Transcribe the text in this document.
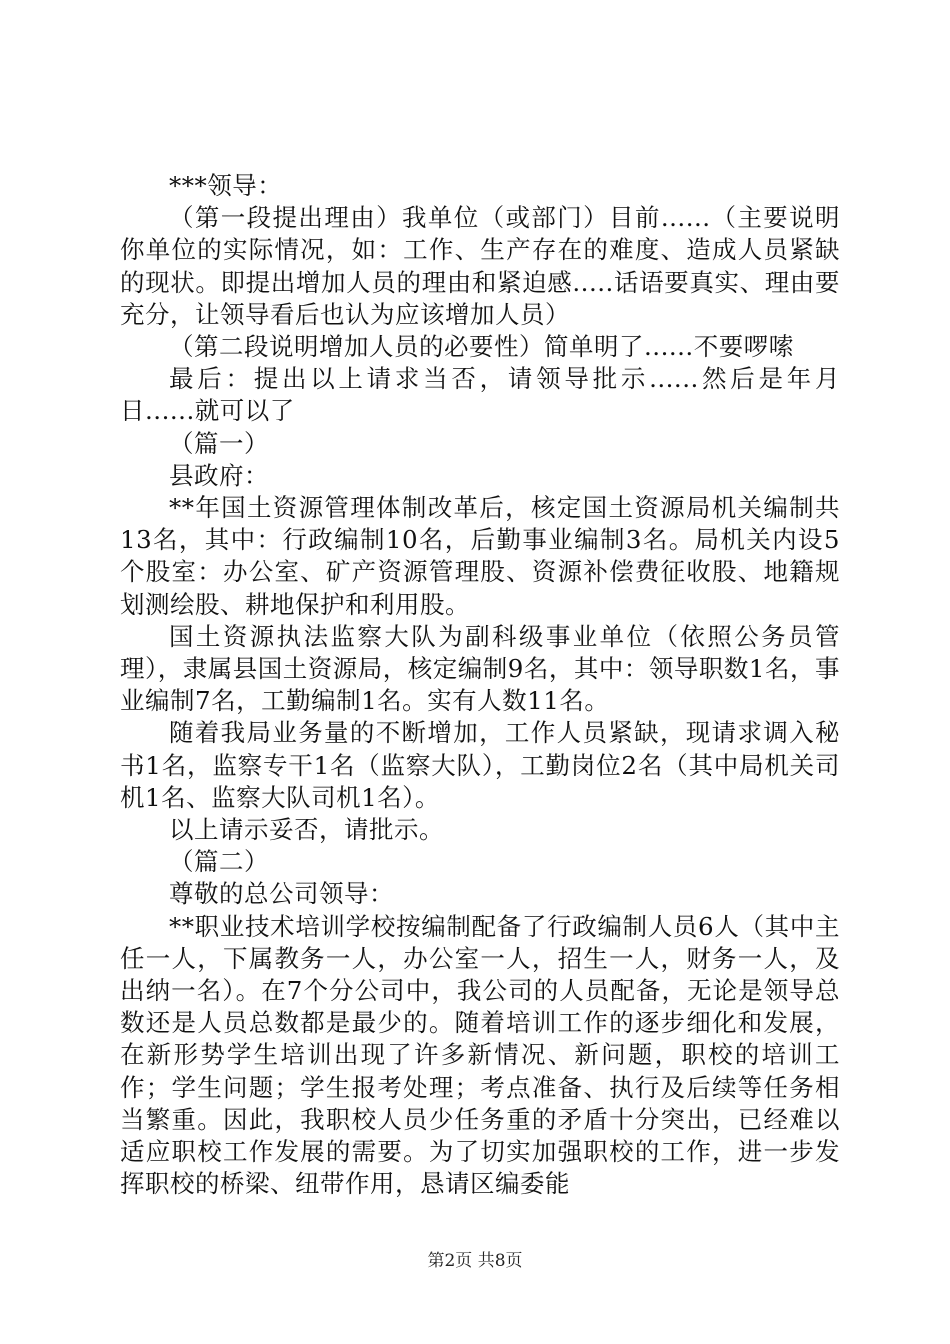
***领导：

（第一段提出理由）我单位（或部门）目前......（主要说明你单位的实际情况，如：工作、生产存在的难度、造成人员紧缺的现状。即提出增加人员的理由和紧迫感.....话语要真实、理由要充分，让领导看后也认为应该增加人员）

（第二段说明增加人员的必要性）简单明了......不要啰嗦

最后：提出以上请求当否，请领导批示......然后是年月日......就可以了

（篇一）

县政府：

**年国土资源管理体制改革后，核定国土资源局机关编制共13名，其中：行政编制10名，后勤事业编制3名。局机关内设5个股室：办公室、矿产资源管理股、资源补偿费征收股、地籍规划测绘股、耕地保护和利用股。

国土资源执法监察大队为副科级事业单位（依照公务员管理），隶属县国土资源局，核定编制9名，其中：领导职数1名，事业编制7名，工勤编制1名。实有人数11名。

随着我局业务量的不断增加，工作人员紧缺，现请求调入秘书1名，监察专干1名（监察大队），工勤岗位2名（其中局机关司机1名、监察大队司机1名）。

以上请示妥否，请批示。

（篇二）

尊敬的总公司领导：

**职业技术培训学校按编制配备了行政编制人员6人（其中主任一人，下属教务一人，办公室一人，招生一人，财务一人，及出纳一名）。在7个分公司中，我公司的人员配备，无论是领导总数还是人员总数都是最少的。随着培训工作的逐步细化和发展，在新形势学生培训出现了许多新情况、新问题，职校的培训工作；学生问题；学生报考处理；考点准备、执行及后续等任务相当繁重。因此，我职校人员少任务重的矛盾十分突出，已经难以适应职校工作发展的需要。为了切实加强职校的工作，进一步发挥职校的桥梁、纽带作用，恳请区编委能

第2页 共8页
